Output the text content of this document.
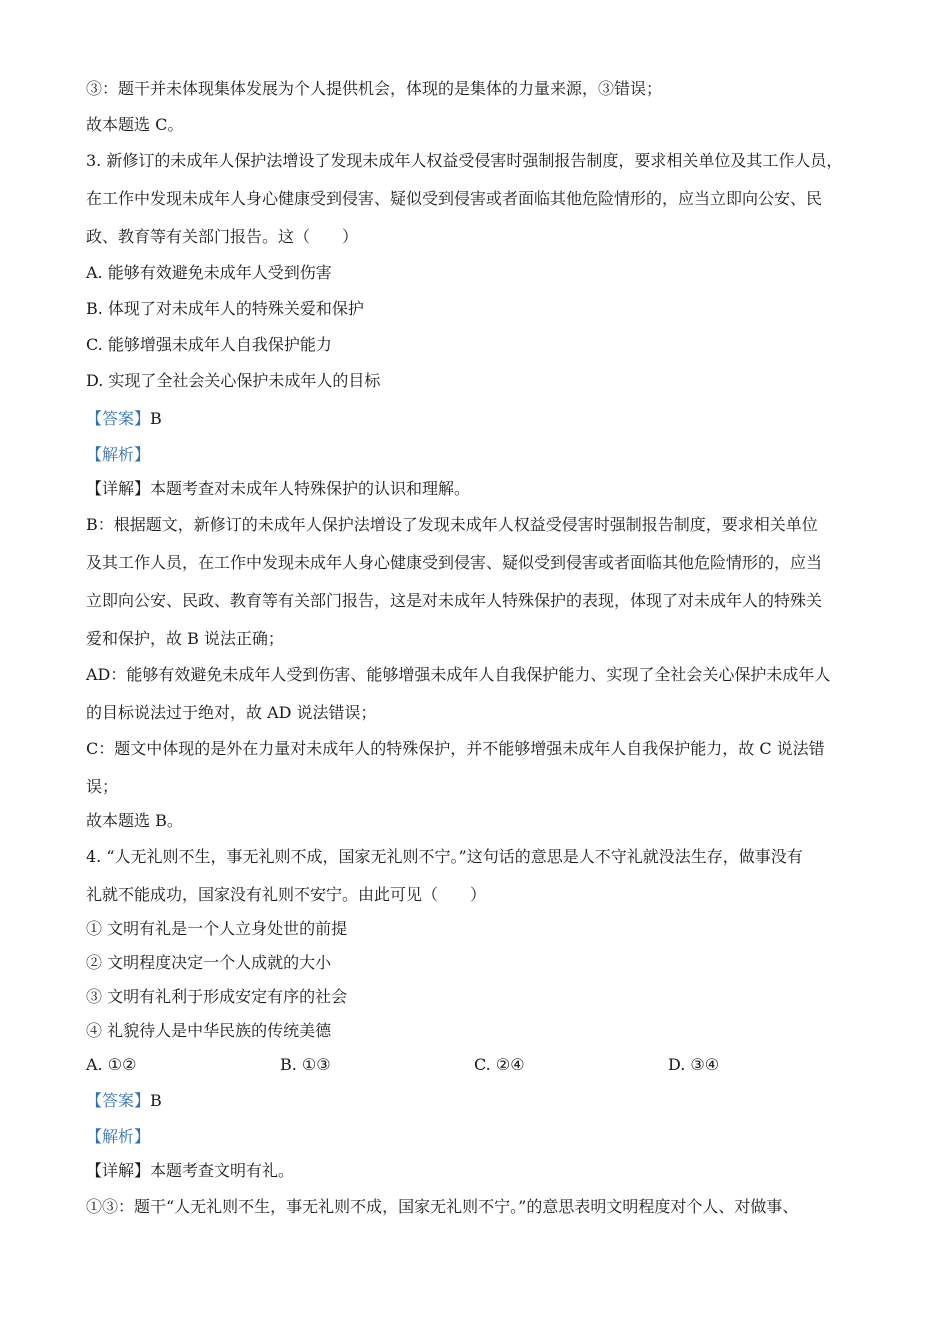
③：题干并未体现集体发展为个人提供机会，体现的是集体的力量来源，③错误；

故本题选 C。

3. 新修订的未成年人保护法增设了发现未成年人权益受侵害时强制报告制度，要求相关单位及其工作人员，

在工作中发现未成年人身心健康受到侵害、疑似受到侵害或者面临其他危险情形的，应当立即向公安、民

政、教育等有关部门报告。这（　　）

A. 能够有效避免未成年人受到伤害

B. 体现了对未成年人的特殊关爱和保护

C. 能够增强未成年人自我保护能力

D. 实现了全社会关心保护未成年人的目标

【答案】B

【解析】

【详解】本题考查对未成年人特殊保护的认识和理解。

B：根据题文，新修订的未成年人保护法增设了发现未成年人权益受侵害时强制报告制度，要求相关单位

及其工作人员，在工作中发现未成年人身心健康受到侵害、疑似受到侵害或者面临其他危险情形的，应当

立即向公安、民政、教育等有关部门报告，这是对未成年人特殊保护的表现，体现了对未成年人的特殊关

爱和保护，故 B 说法正确；

AD：能够有效避免未成年人受到伤害、能够增强未成年人自我保护能力、实现了全社会关心保护未成年人

的目标说法过于绝对，故 AD 说法错误；

C：题文中体现的是外在力量对未成年人的特殊保护，并不能够增强未成年人自我保护能力，故 C 说法错

误；

故本题选 B。

4. “人无礼则不生，事无礼则不成，国家无礼则不宁。”这句话的意思是人不守礼就没法生存，做事没有

礼就不能成功，国家没有礼则不安宁。由此可见（　　）

① 文明有礼是一个人立身处世的前提

② 文明程度决定一个人成就的大小

③ 文明有礼利于形成安定有序的社会

④ 礼貌待人是中华民族的传统美德

A. ①②	B. ①③	C. ②④	D. ③④

【答案】B

【解析】

【详解】本题考查文明有礼。

①③：题干“人无礼则不生，事无礼则不成，国家无礼则不宁。”的意思表明文明程度对个人、对做事、
